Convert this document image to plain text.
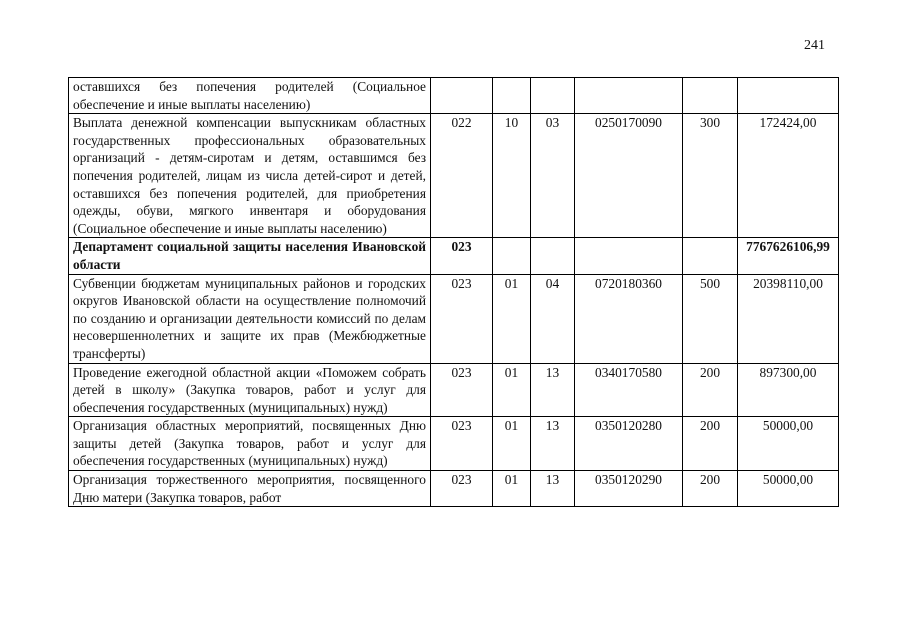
241
оставшихся без попечения родителей (Социальное обеспечение и иные выплаты населению)						
Выплата денежной компенсации выпускникам областных государственных профессиональных образовательных организаций - детям-сиротам и детям, оставшимся без попечения родителей, лицам из числа детей-сирот и детей, оставшихся без попечения родителей, для приобретения одежды, обуви, мягкого инвентаря и оборудования (Социальное обеспечение и иные выплаты населению)	022	10	03	0250170090	300	172424,00
Департамент социальной защиты населения Ивановской области	023					7767626106,99
Субвенции бюджетам муниципальных районов и городских округов Ивановской области на осуществление полномочий по созданию и организации деятельности комиссий по делам несовершеннолетних и защите их прав (Межбюджетные трансферты)	023	01	04	0720180360	500	20398110,00
Проведение ежегодной областной акции «Поможем собрать детей в школу» (Закупка товаров, работ и услуг для обеспечения государственных (муниципальных) нужд)	023	01	13	0340170580	200	897300,00
Организация областных мероприятий, посвященных Дню защиты детей (Закупка товаров, работ и услуг для обеспечения государственных (муниципальных) нужд)	023	01	13	0350120280	200	50000,00
Организация торжественного мероприятия, посвященного Дню матери (Закупка товаров, работ	023	01	13	0350120290	200	50000,00
